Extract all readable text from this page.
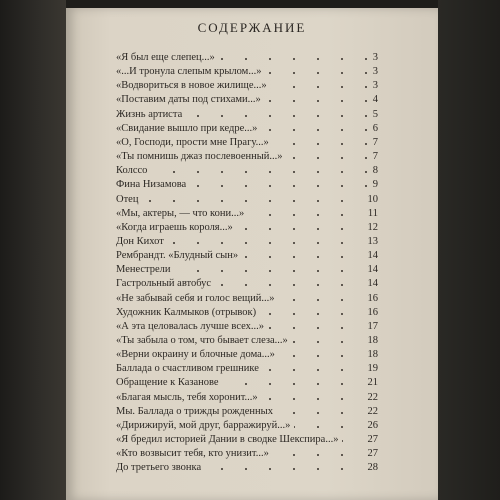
СОДЕРЖАНИЕ
«Я был еще слепец...»	3
«...И тронула слепым крылом...»	3
«Водвориться в новое жилище...»	3
«Поставим даты под стихами...»	4
Жизнь артиста	5
«Свидание вышло при кедре...»	6
«О, Господи, прости мне Прагу...»	7
«Ты помнишь джаз послевоенный...»	7
Колссо	8
Фина Низамова	9
Отец	10
«Мы, актеры, — что кони...»	11
«Когда играешь короля...»	12
Дон Кихот	13
Рембрандт. «Блудный сын»	14
Менестрели	14
Гастрольный автобус	14
«Не забывай себя и голос вещий...»	16
Художник Калмыков (отрывок)	16
«А эта целовалась лучше всех...»	17
«Ты забыла о том, что бывает слеза...»	18
«Верни окраину и блочные дома...»	18
Баллада о счастливом грешнике	19
Обращение к Казанове	21
«Благая мысль, тебя хоронит...»	22
Мы. Баллада о трижды рожденных	22
«Дирижируй, мой друг, барражируй...»	26
«Я бредил историей Дании в сводке Шекспира...»	27
«Кто возвысит тебя, кто унизит...»	27
До третьего звонка	28
